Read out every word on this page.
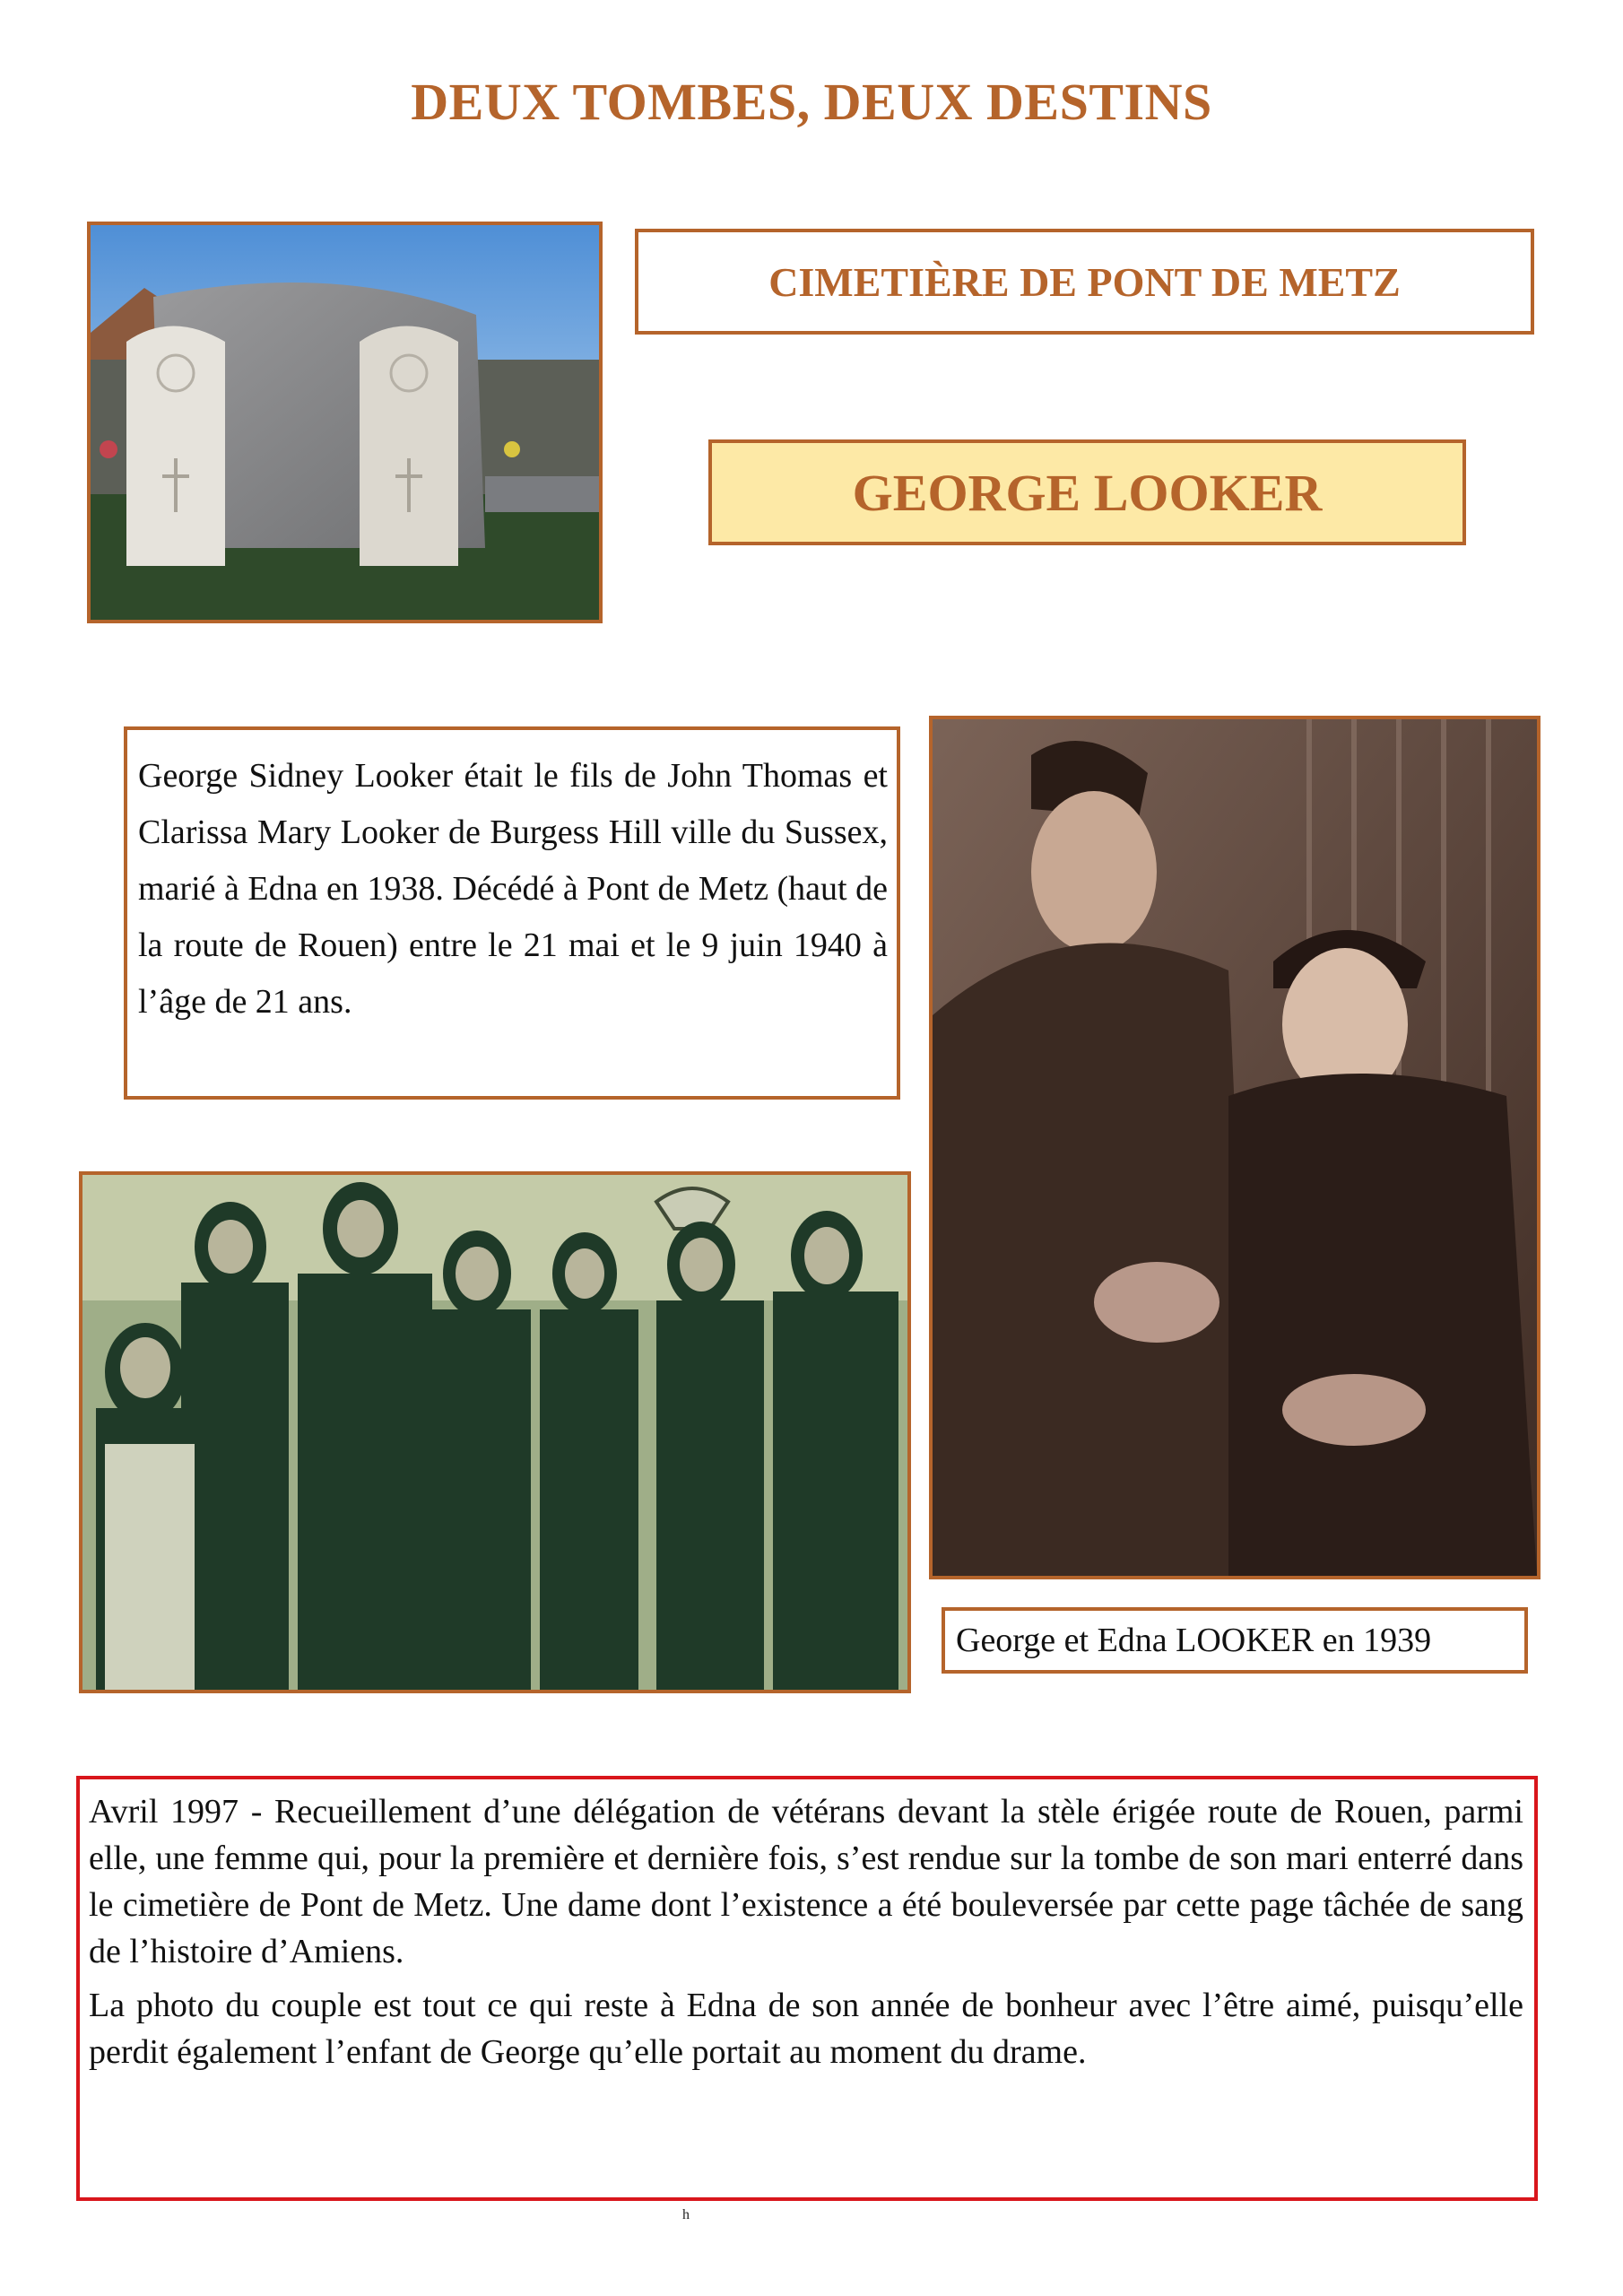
DEUX TOMBES, DEUX DESTINS
CIMETIÈRE DE PONT DE METZ
GEORGE LOOKER
George Sidney Looker était le fils de John Thomas et Clarissa Mary Looker de Burgess Hill ville du Sussex, marié à Edna en 1938. Décédé à Pont de Metz (haut de la route de Rouen) entre le 21 mai et le 9 juin 1940 à l’âge de 21 ans.
George et Edna LOOKER en 1939

Avril 1997 - Recueillement d’une délégation de vétérans devant la stèle érigée route de Rouen, parmi elle, une femme qui, pour la première et dernière fois, s’est rendue sur la tombe de son mari enterré dans le cimetière de Pont de Metz. Une dame dont l’existence a été bouleversée par cette page tâchée de sang de l’histoire d’Amiens.

La photo du couple est tout ce qui reste à Edna de son année de bonheur avec l’être aimé, puisqu’elle perdit également l’enfant de George qu’elle portait au moment du drame.

h
